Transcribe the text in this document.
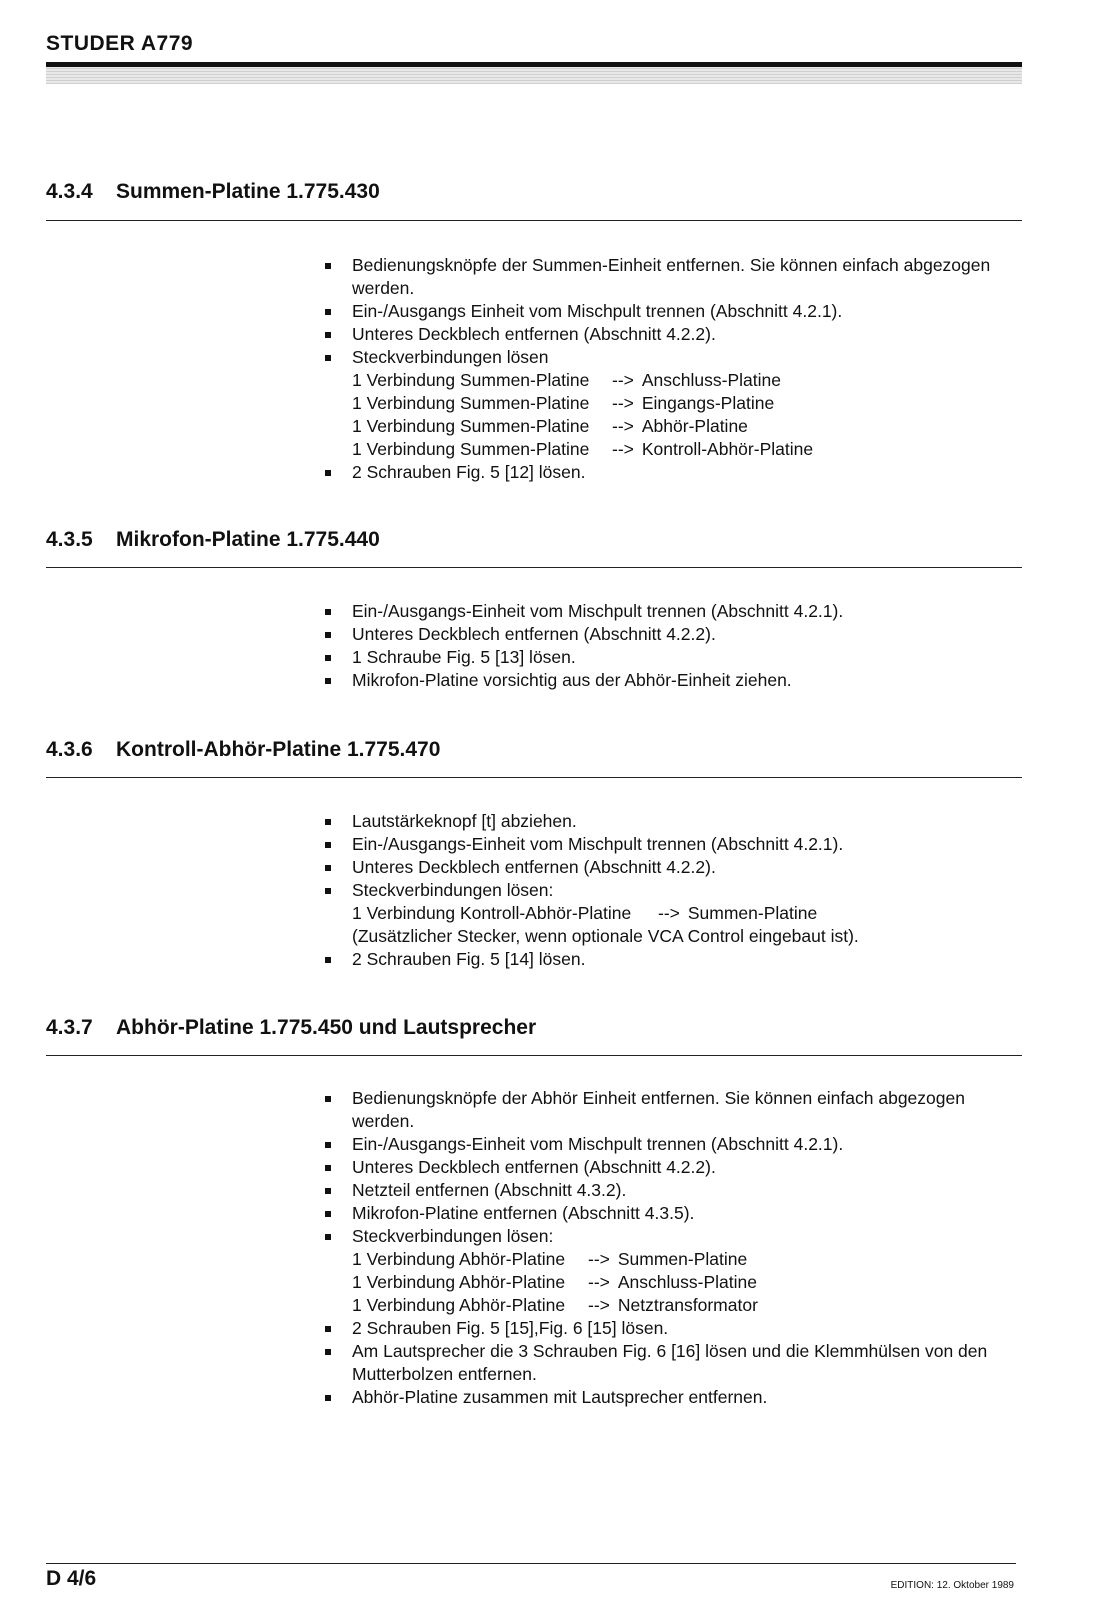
STUDER A779
4.3.4 Summen-Platine 1.775.430
Bedienungsknöpfe der Summen-Einheit entfernen. Sie können einfach abgezogen werden.
Ein-/Ausgangs Einheit vom Mischpult trennen (Abschnitt 4.2.1).
Unteres Deckblech entfernen (Abschnitt 4.2.2).
Steckverbindungen lösen
1 Verbindung Summen-Platine --> Anschluss-Platine
1 Verbindung Summen-Platine --> Eingangs-Platine
1 Verbindung Summen-Platine --> Abhör-Platine
1 Verbindung Summen-Platine --> Kontroll-Abhör-Platine
2 Schrauben Fig. 5 [12] lösen.
4.3.5 Mikrofon-Platine 1.775.440
Ein-/Ausgangs-Einheit vom Mischpult trennen (Abschnitt 4.2.1).
Unteres Deckblech entfernen (Abschnitt 4.2.2).
1 Schraube Fig. 5 [13] lösen.
Mikrofon-Platine vorsichtig aus der Abhör-Einheit ziehen.
4.3.6 Kontroll-Abhör-Platine 1.775.470
Lautstärkeknopf [t] abziehen.
Ein-/Ausgangs-Einheit vom Mischpult trennen (Abschnitt 4.2.1).
Unteres Deckblech entfernen (Abschnitt 4.2.2).
Steckverbindungen lösen:
1 Verbindung Kontroll-Abhör-Platine --> Summen-Platine
(Zusätzlicher Stecker, wenn optionale VCA Control eingebaut ist).
2 Schrauben Fig. 5 [14] lösen.
4.3.7 Abhör-Platine 1.775.450 und Lautsprecher
Bedienungsknöpfe der Abhör Einheit entfernen. Sie können einfach abgezogen werden.
Ein-/Ausgangs-Einheit vom Mischpult trennen (Abschnitt 4.2.1).
Unteres Deckblech entfernen (Abschnitt 4.2.2).
Netzteil entfernen (Abschnitt 4.3.2).
Mikrofon-Platine entfernen (Abschnitt 4.3.5).
Steckverbindungen lösen:
1 Verbindung Abhör-Platine --> Summen-Platine
1 Verbindung Abhör-Platine --> Anschluss-Platine
1 Verbindung Abhör-Platine --> Netztransformator
2 Schrauben Fig. 5 [15],Fig. 6 [15] lösen.
Am Lautsprecher die 3 Schrauben Fig. 6 [16] lösen und die Klemmhülsen von den Mutterbolzen entfernen.
Abhör-Platine zusammen mit Lautsprecher entfernen.
D 4/6	EDITION: 12. Oktober 1989
